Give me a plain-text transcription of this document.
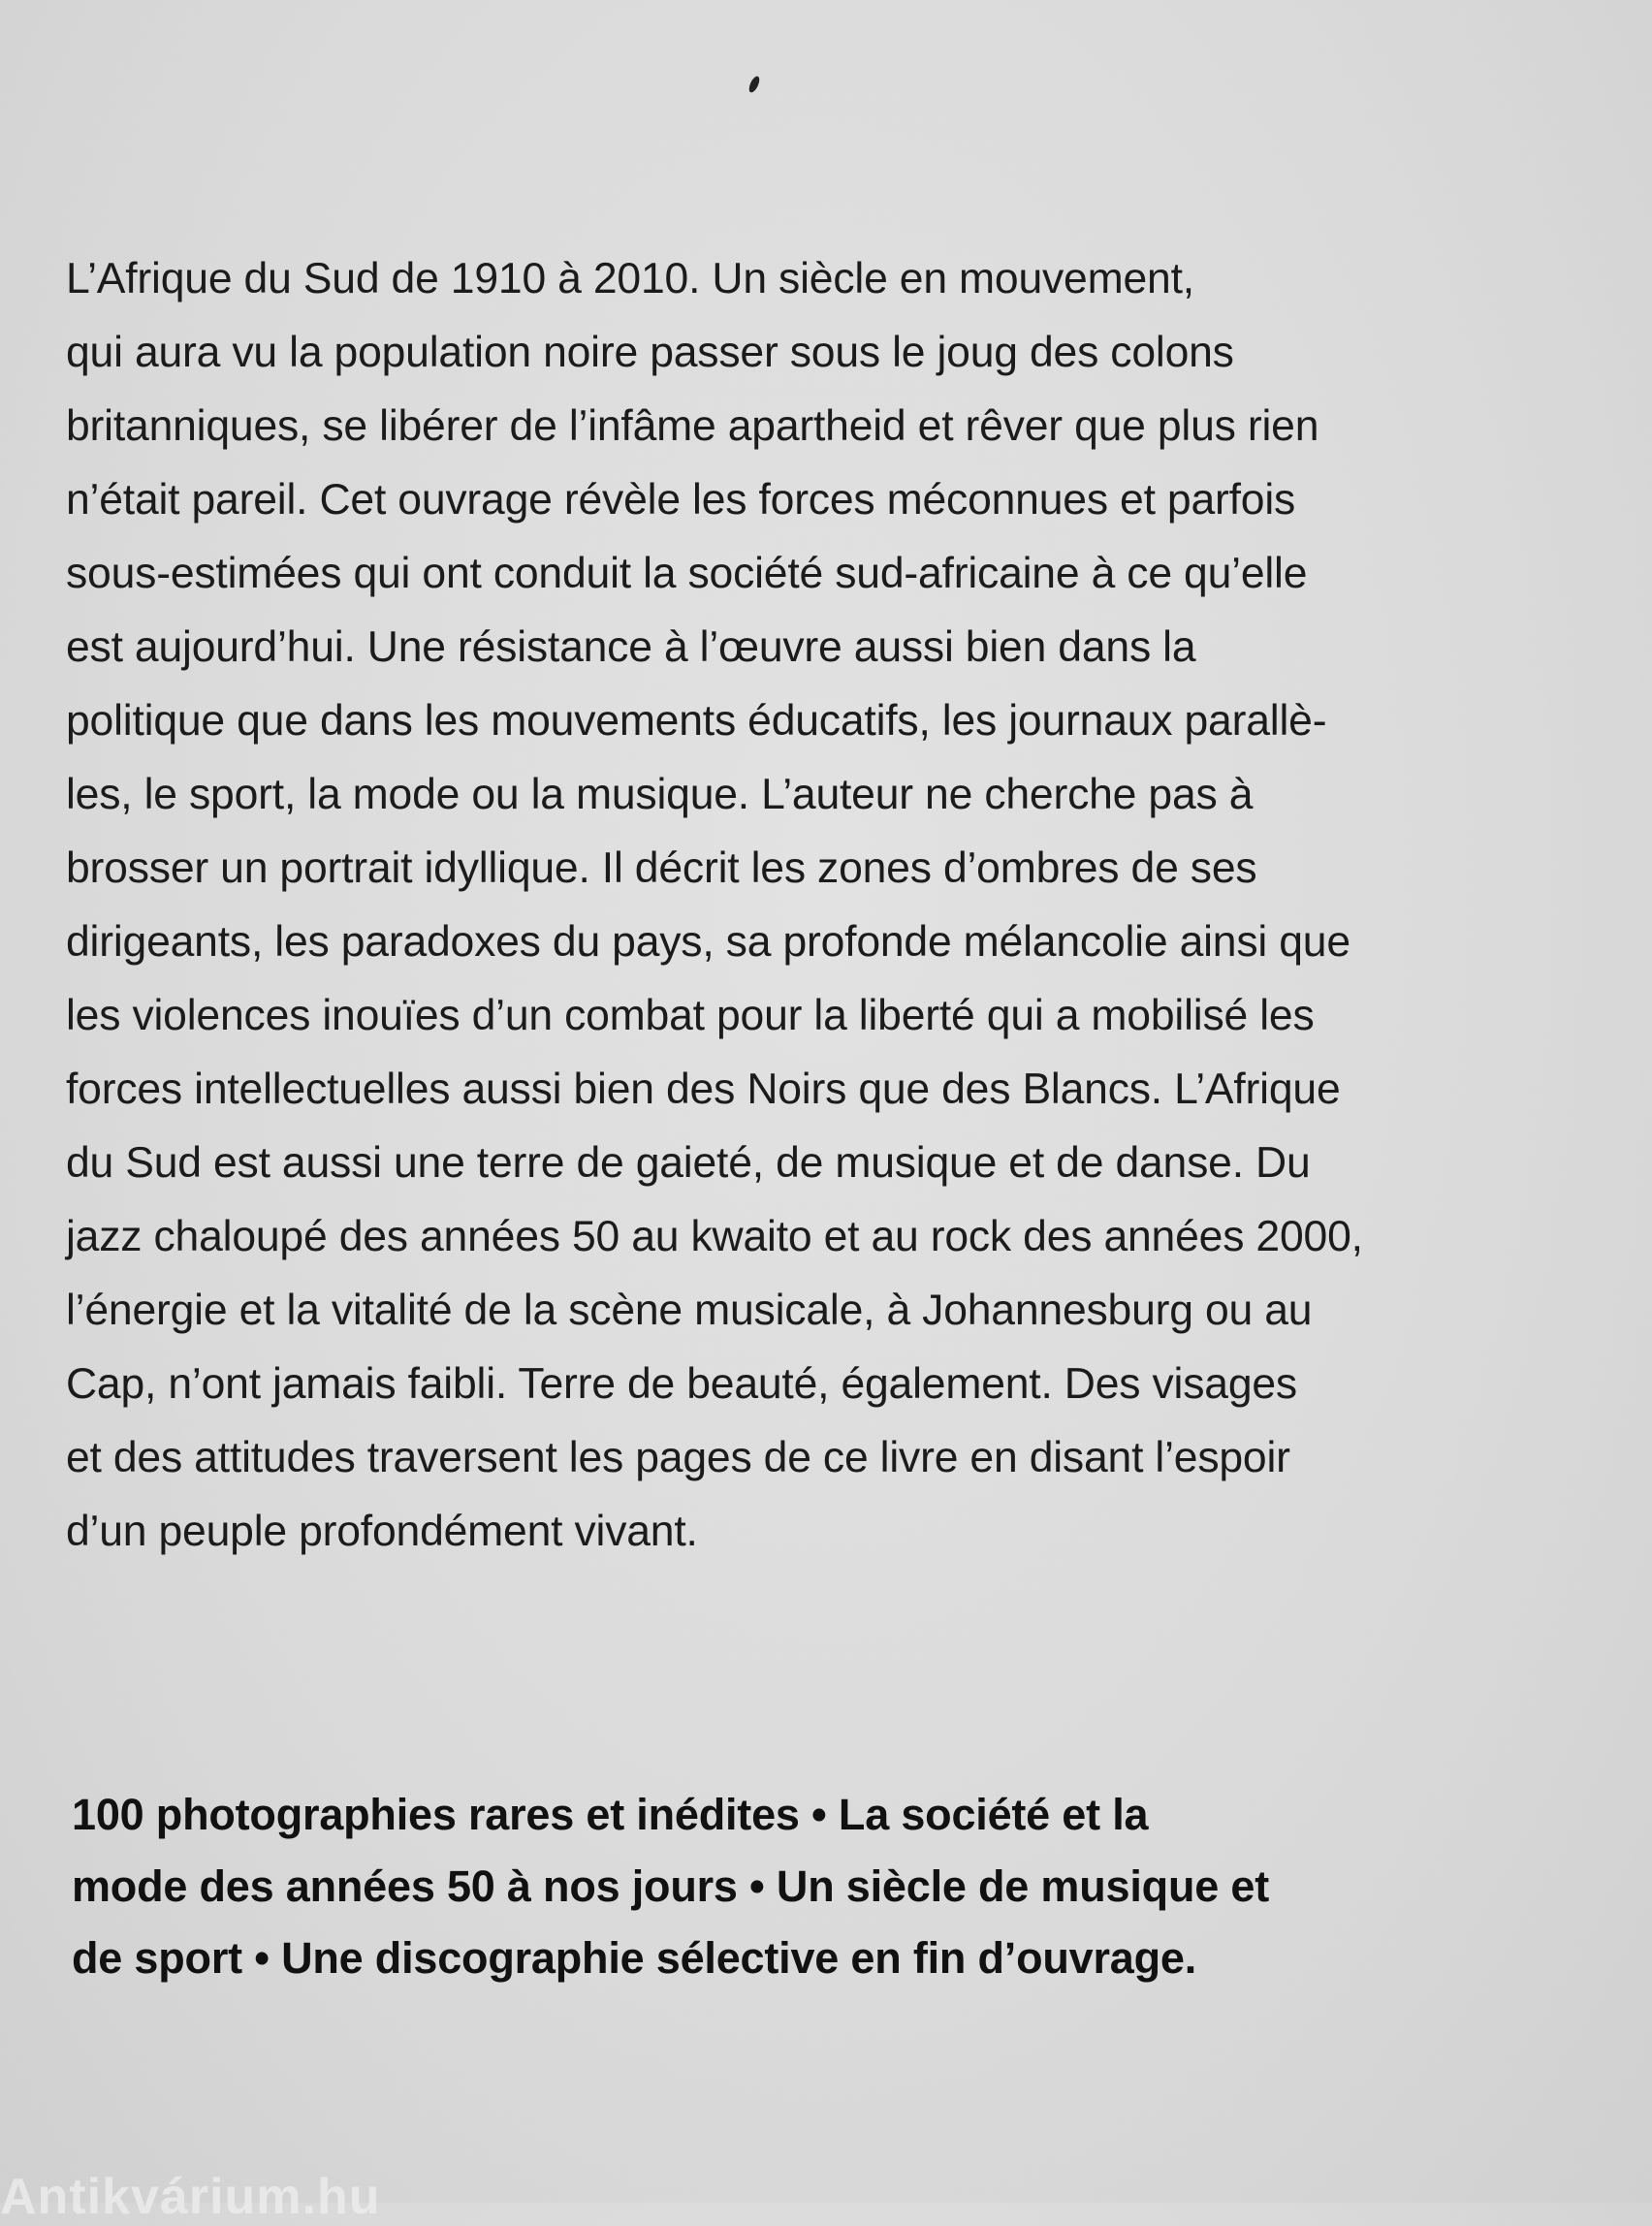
L’Afrique du Sud de 1910 à 2010. Un siècle en mouvement,
qui aura vu la population noire passer sous le joug des colons
britanniques, se libérer de l’infâme apartheid et rêver que plus rien
n’était pareil. Cet ouvrage révèle les forces méconnues et parfois
sous-estimées qui ont conduit la société sud-africaine à ce qu’elle
est aujourd’hui. Une résistance à l’œuvre aussi bien dans la
politique que dans les mouvements éducatifs, les journaux parallè-
les, le sport, la mode ou la musique. L’auteur ne cherche pas à
brosser un portrait idyllique. Il décrit les zones d’ombres de ses
dirigeants, les paradoxes du pays, sa profonde mélancolie ainsi que
les violences inouïes d’un combat pour la liberté qui a mobilisé les
forces intellectuelles aussi bien des Noirs que des Blancs. L’Afrique
du Sud est aussi une terre de gaieté, de musique et de danse. Du
jazz chaloupé des années 50 au kwaito et au rock des années 2000,
l’énergie et la vitalité de la scène musicale, à Johannesburg ou au
Cap, n’ont jamais faibli. Terre de beauté, également. Des visages
et des attitudes traversent les pages de ce livre en disant l’espoir
d’un peuple profondément vivant.
100 photographies rares et inédites • La société et la
mode des années 50 à nos jours • Un siècle de musique et
de sport • Une discographie sélective en fin d’ouvrage.
Antikvárium.hu
